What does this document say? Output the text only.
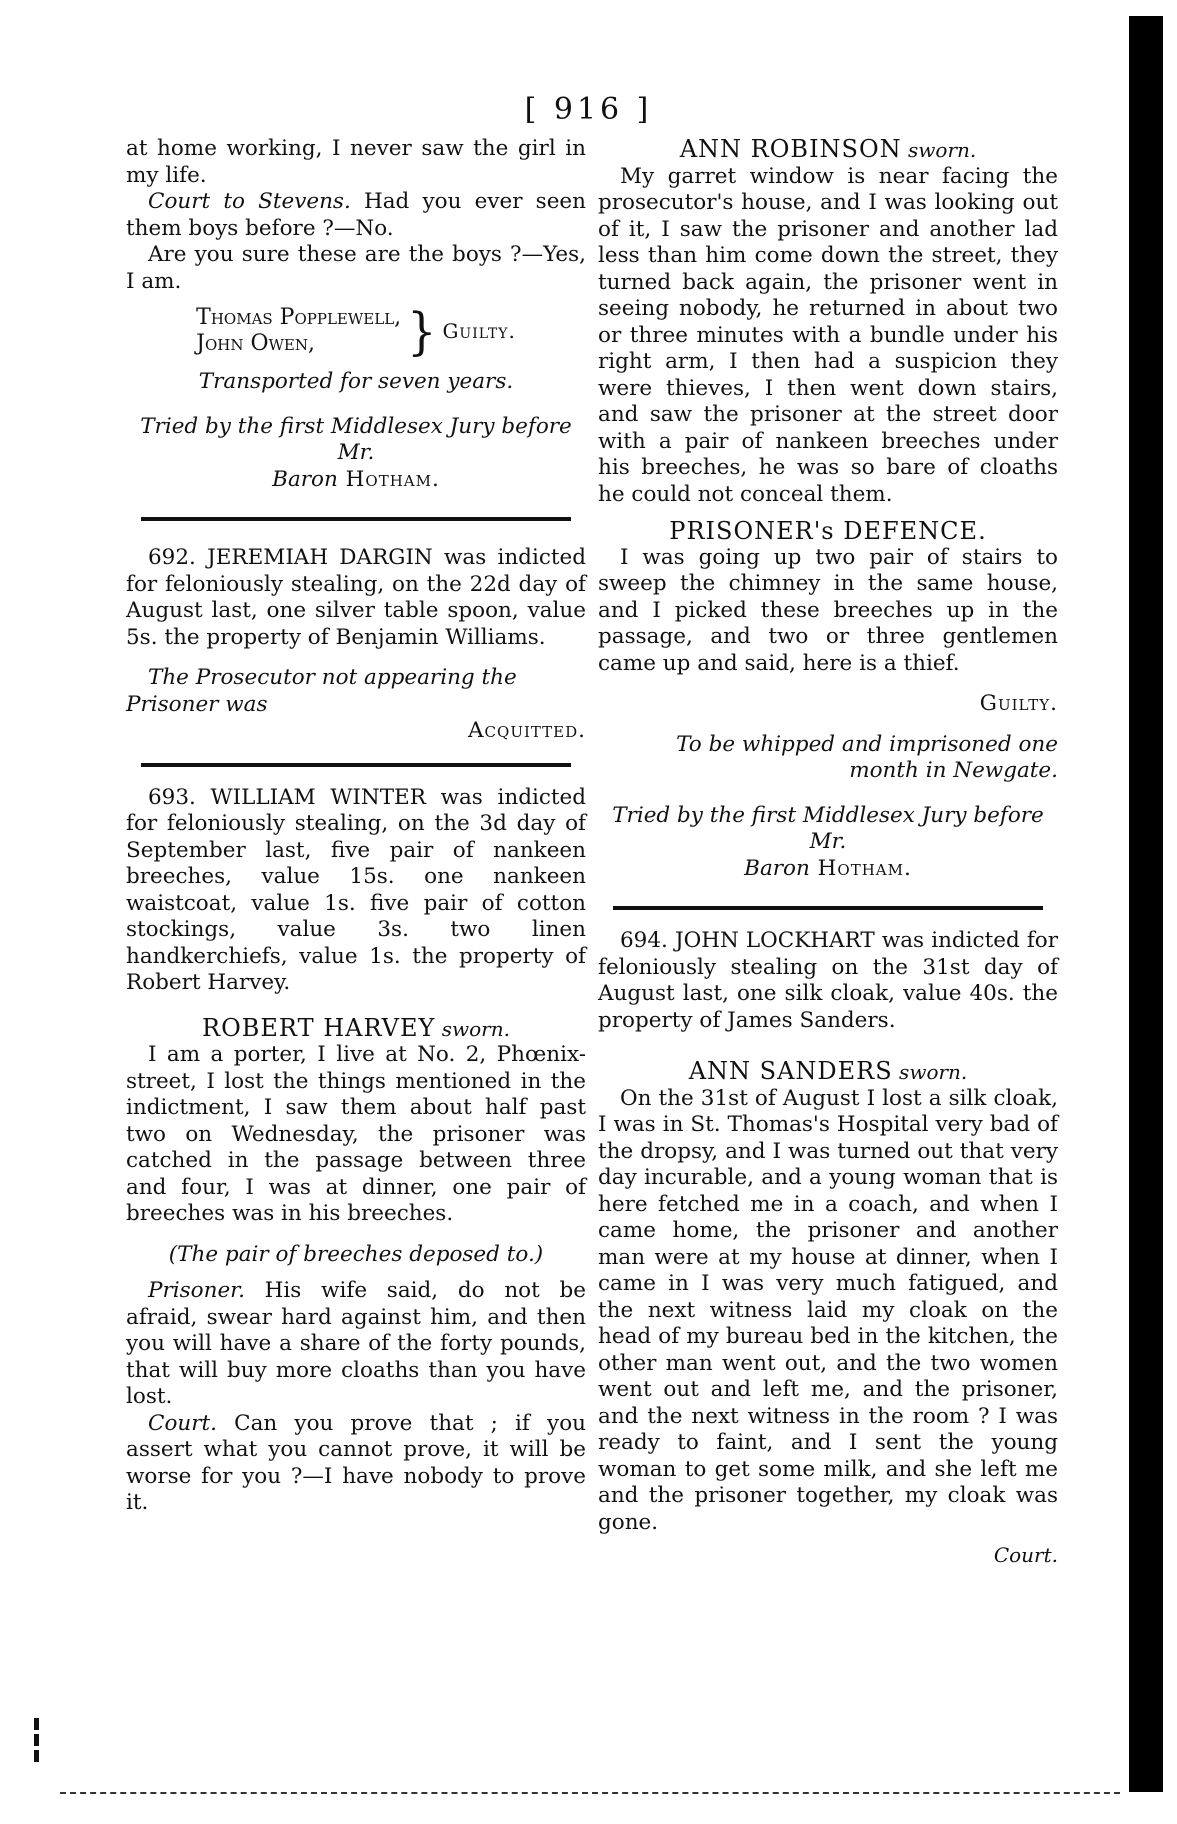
[ 916 ]

at home working, I never saw the girl in my life.

Court to Stevens. Had you ever seen them boys before ?—No.

Are you sure these are the boys ?—Yes, I am.

Thomas Popplewell,
John Owen,	} Guilty.

Transported for seven years.

Tried by the first Middlesex Jury before Mr.

Baron Hotham.

692. JEREMIAH DARGIN was indicted for feloniously stealing, on the 22d day of August last, one silver table spoon, value 5s. the property of Benjamin Williams.

The Prosecutor not appearing the Prisoner was

Acquitted.

693. WILLIAM WINTER was indicted for feloniously stealing, on the 3d day of September last, five pair of nankeen breeches, value 15s. one nankeen waistcoat, value 1s. five pair of cotton stockings, value 3s. two linen handkerchiefs, value 1s. the property of Robert Harvey.

ROBERT HARVEY sworn.

I am a porter, I live at No. 2, Phœnix-street, I lost the things mentioned in the indictment, I saw them about half past two on Wednesday, the prisoner was catched in the passage between three and four, I was at dinner, one pair of breeches was in his breeches.

(The pair of breeches deposed to.)

Prisoner. His wife said, do not be afraid, swear hard against him, and then you will have a share of the forty pounds, that will buy more cloaths than you have lost.

Court. Can you prove that ; if you assert what you cannot prove, it will be worse for you ?—I have nobody to prove it.

ANN ROBINSON sworn.

My garret window is near facing the prosecutor's house, and I was looking out of it, I saw the prisoner and another lad less than him come down the street, they turned back again, the prisoner went in seeing nobody, he returned in about two or three minutes with a bundle under his right arm, I then had a suspicion they were thieves, I then went down stairs, and saw the prisoner at the street door with a pair of nankeen breeches under his breeches, he was so bare of cloaths he could not conceal them.

PRISONER's DEFENCE.

I was going up two pair of stairs to sweep the chimney in the same house, and I picked these breeches up in the passage, and two or three gentlemen came up and said, here is a thief.

Guilty.

To be whipped and imprisoned one month in Newgate.

Tried by the first Middlesex Jury before Mr.

Baron Hotham.

694. JOHN LOCKHART was indicted for feloniously stealing on the 31st day of August last, one silk cloak, value 40s. the property of James Sanders.

ANN SANDERS sworn.

On the 31st of August I lost a silk cloak, I was in St. Thomas's Hospital very bad of the dropsy, and I was turned out that very day incurable, and a young woman that is here fetched me in a coach, and when I came home, the prisoner and another man were at my house at dinner, when I came in I was very much fatigued, and the next witness laid my cloak on the head of my bureau bed in the kitchen, the other man went out, and the two women went out and left me, and the prisoner, and the next witness in the room ? I was ready to faint, and I sent the young woman to get some milk, and she left me and the prisoner together, my cloak was gone.

Court.
